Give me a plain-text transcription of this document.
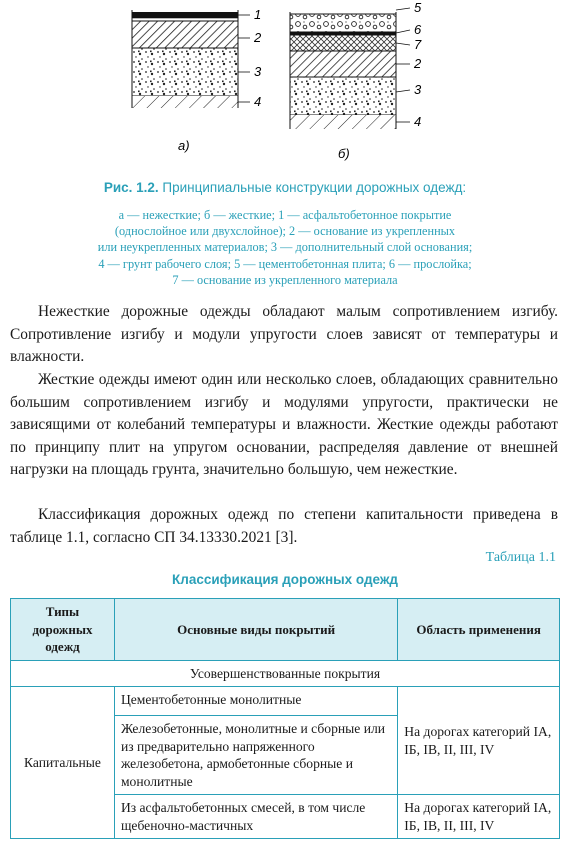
1
2
3
4
а)
5
6
7
2
3
4
б)
Рис. 1.2. Принципиальные конструкции дорожных одежд:
а — нежесткие; б — жесткие; 1 — асфальтобетонное покрытие
(однослойное или двухслойное); 2 — основание из укрепленных
или неукрепленных материалов; 3 — дополнительный слой основания;
4 — грунт рабочего слоя; 5 — цементобетонная плита; 6 — прослойка;
7 — основание из укрепленного материала

Нежесткие дорожные одежды обладают малым сопротивлением изгибу. Сопротивление изгибу и модули упругости слоев зависят от температуры и влажности.

Жесткие одежды имеют один или несколько слоев, обладающих сравнительно большим сопротивлением изгибу и модулями упругости, практически не зависящими от колебаний температуры и влажности. Жесткие одежды работают по принципу плит на упругом основании, распределяя давление от внешней нагрузки на площадь грунта, значительно большую, чем нежесткие.

Классификация дорожных одежд по степени капитальности приведена в таблице 1.1, согласно СП 34.13330.2021 [3].

Таблица 1.1
Классификация дорожных одежд
Типы дорожных одежд	Основные виды покрытий	Область применения
Усовершенствованные покрытия		
Капитальные	Цементобетонные монолитные	На дорогах категорий IА, IБ, IВ, II, III, IV
	Железобетонные, монолитные и сборные или из предварительно напряженного железобетона, армобетонные сборные и монолитные	
	Из асфальтобетонных смесей, в том числе щебеночно-мастичных	На дорогах категорий IА, IБ, IВ, II, III, IV
